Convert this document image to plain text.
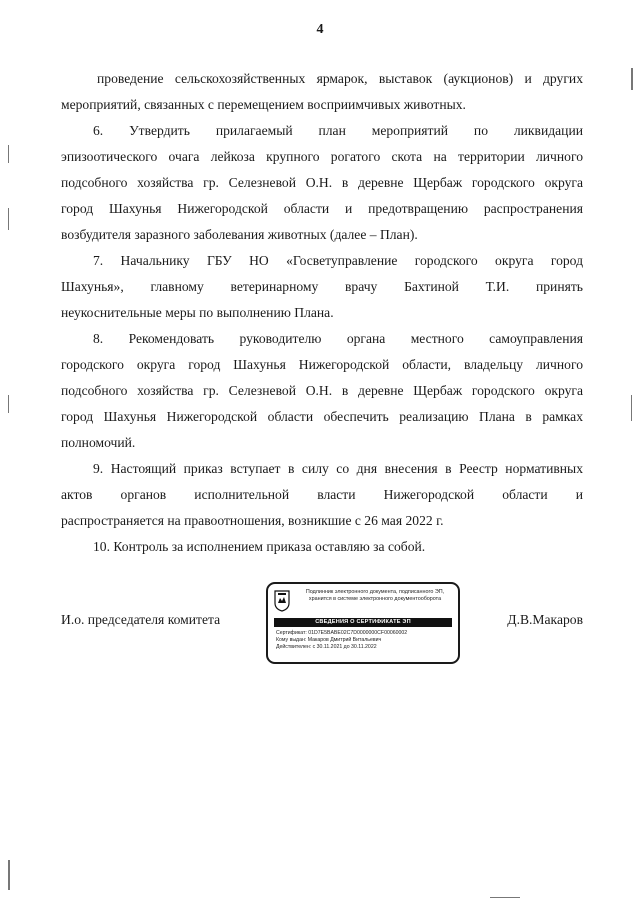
4

проведение сельскохозяйственных ярмарок, выставок (аукционов) и других
мероприятий, связанных с перемещением восприимчивых животных.

6. Утвердить прилагаемый план мероприятий по ликвидации
эпизоотического очага лейкоза крупного рогатого скота на территории личного
подсобного хозяйства гр. Селезневой О.Н. в деревне Щербаж городского округа
город Шахунья Нижегородской области и предотвращению распространения
возбудителя заразного заболевания животных (далее – План).

7. Начальнику ГБУ НО «Госветуправление городского округа город
Шахунья», главному ветеринарному врачу Бахтиной Т.И. принять
неукоснительные меры по выполнению Плана.

8. Рекомендовать руководителю органа местного самоуправления
городского округа город Шахунья Нижегородской области, владельцу личного
подсобного хозяйства гр. Селезневой О.Н. в деревне Щербаж городского округа
город Шахунья Нижегородской области обеспечить реализацию Плана в рамках
полномочий.

9. Настоящий приказ вступает в силу со дня внесения в Реестр нормативных
актов органов исполнительной власти Нижегородской области и
распространяется на правоотношения, возникшие с 26 мая 2022 г.

10. Контроль за исполнением приказа оставляю за собой.

И.о. председателя комитета	Д.В.Макаров
Подлинник электронного документа, подписанного ЭП,
хранится в системе электронного документооборота
СВЕДЕНИЯ О СЕРТИФИКАТЕ ЭП
Сертификат: 01D7E5BABE02C7D0000000CF00060002
Кому выдан: Макаров Дмитрий Витальевич
Действителен: с 30.11.2021 до 30.11.2022
